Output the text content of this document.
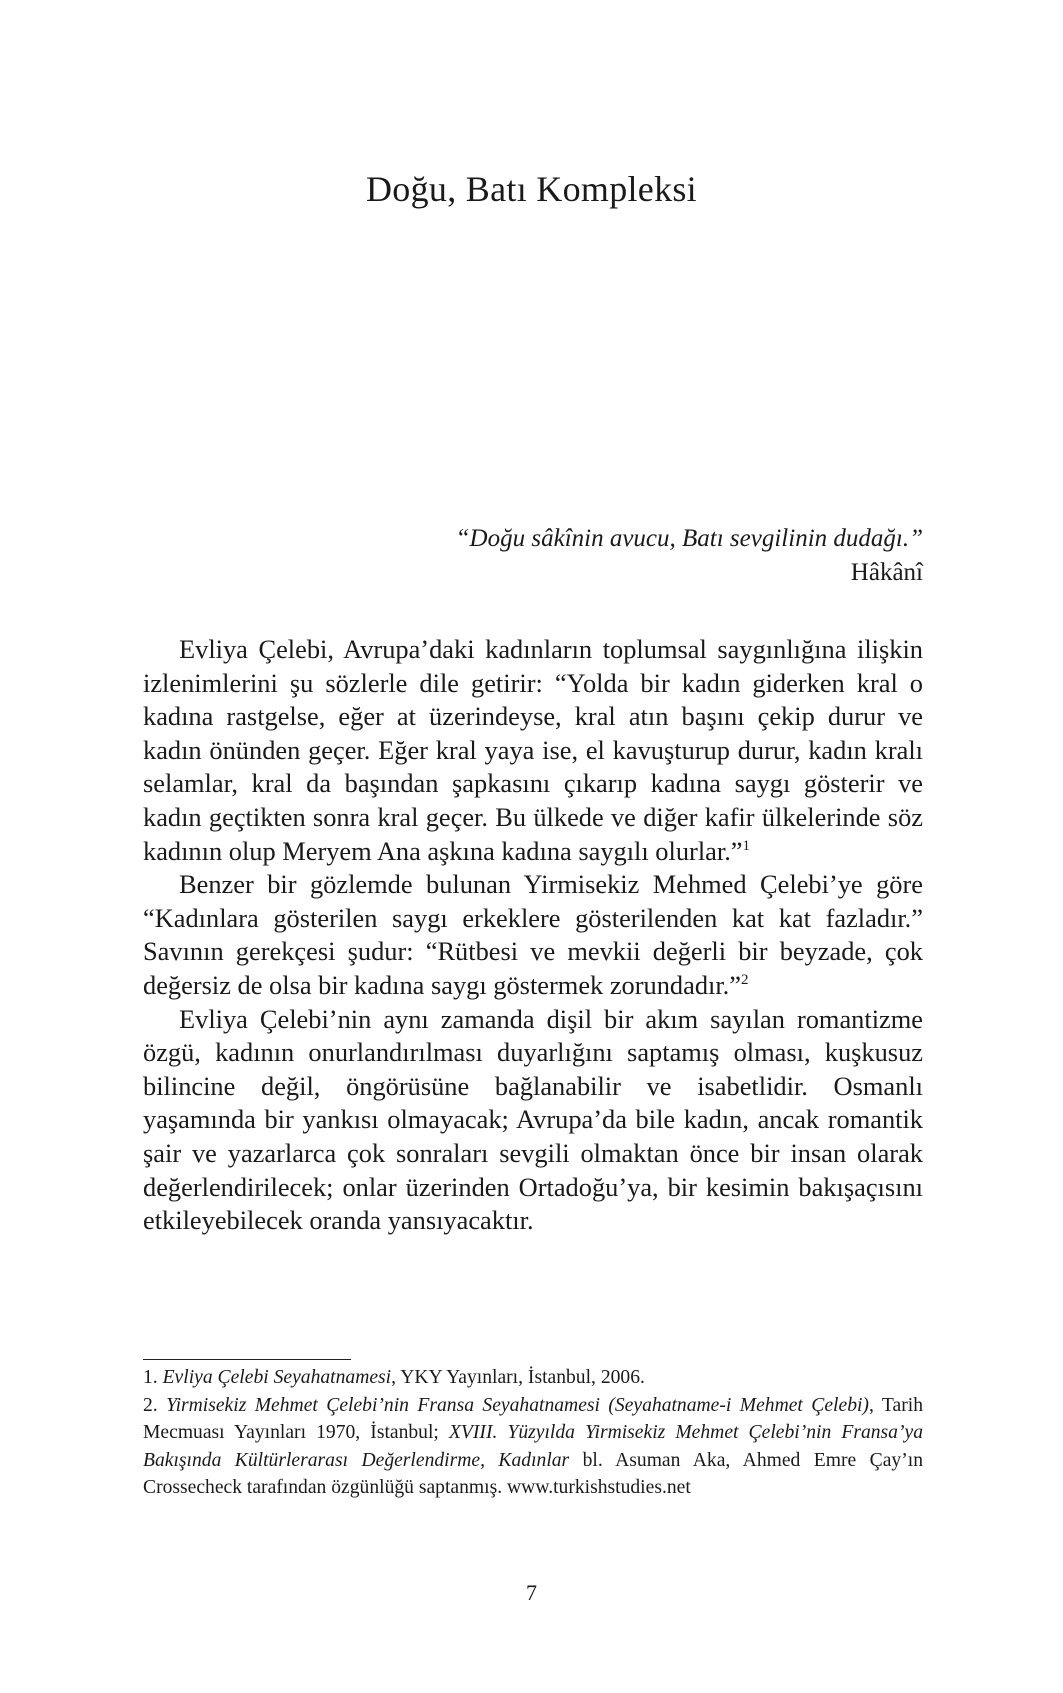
Doğu, Batı Kompleksi
“Doğu sâkînin avucu, Batı sevgilinin dudağı.”
Hâkânî

Evliya Çelebi, Avrupa’daki kadınların toplumsal saygınlığına ilişkin izlenimlerini şu sözlerle dile getirir: “Yolda bir kadın giderken kral o kadına rastgelse, eğer at üzerindeyse, kral atın başını çekip durur ve kadın önünden geçer. Eğer kral yaya ise, el kavuşturup durur, kadın kralı selamlar, kral da başından şapkasını çıkarıp kadına saygı gösterir ve kadın geçtikten sonra kral geçer. Bu ülkede ve diğer kafir ülkelerinde söz kadının olup Meryem Ana aşkına kadına saygılı olurlar.”$^1$

Benzer bir gözlemde bulunan Yirmisekiz Mehmed Çelebi’ye göre “Kadınlara gösterilen saygı erkeklere gösterilenden kat kat fazladır.” Savının gerekçesi şudur: “Rütbesi ve mevkii değerli bir beyzade, çok değersiz de olsa bir kadına saygı göstermek zorundadır.”$^2$

Evliya Çelebi’nin aynı zamanda dişil bir akım sayılan romantizme özgü, kadının onurlandırılması duyarlığını saptamış olması, kuşkusuz bilincine değil, öngörüsüne bağlanabilir ve isabetlidir. Osmanlı yaşamında bir yankısı olmayacak; Avrupa’da bile kadın, ancak romantik şair ve yazarlarca çok sonraları sevgili olmaktan önce bir insan olarak değerlendirilecek; onlar üzerinden Ortadoğu’ya, bir kesimin bakışaçısını etkileyebilecek oranda yansıyacaktır.

1. Evliya Çelebi Seyahatnamesi, YKY Yayınları, İstanbul, 2006.

2. Yirmisekiz Mehmet Çelebi’nin Fransa Seyahatnamesi (Seyahatname-i Mehmet Çelebi), Tarih Mecmuası Yayınları 1970, İstanbul; XVIII. Yüzyılda Yirmisekiz Mehmet Çelebi’nin Fransa’ya Bakışında Kültürlerarası Değerlendirme, Kadınlar bl. Asuman Aka, Ahmed Emre Çay’ın Crossecheck tarafından özgünlüğü saptanmış. www.turkishstudies.net

7
